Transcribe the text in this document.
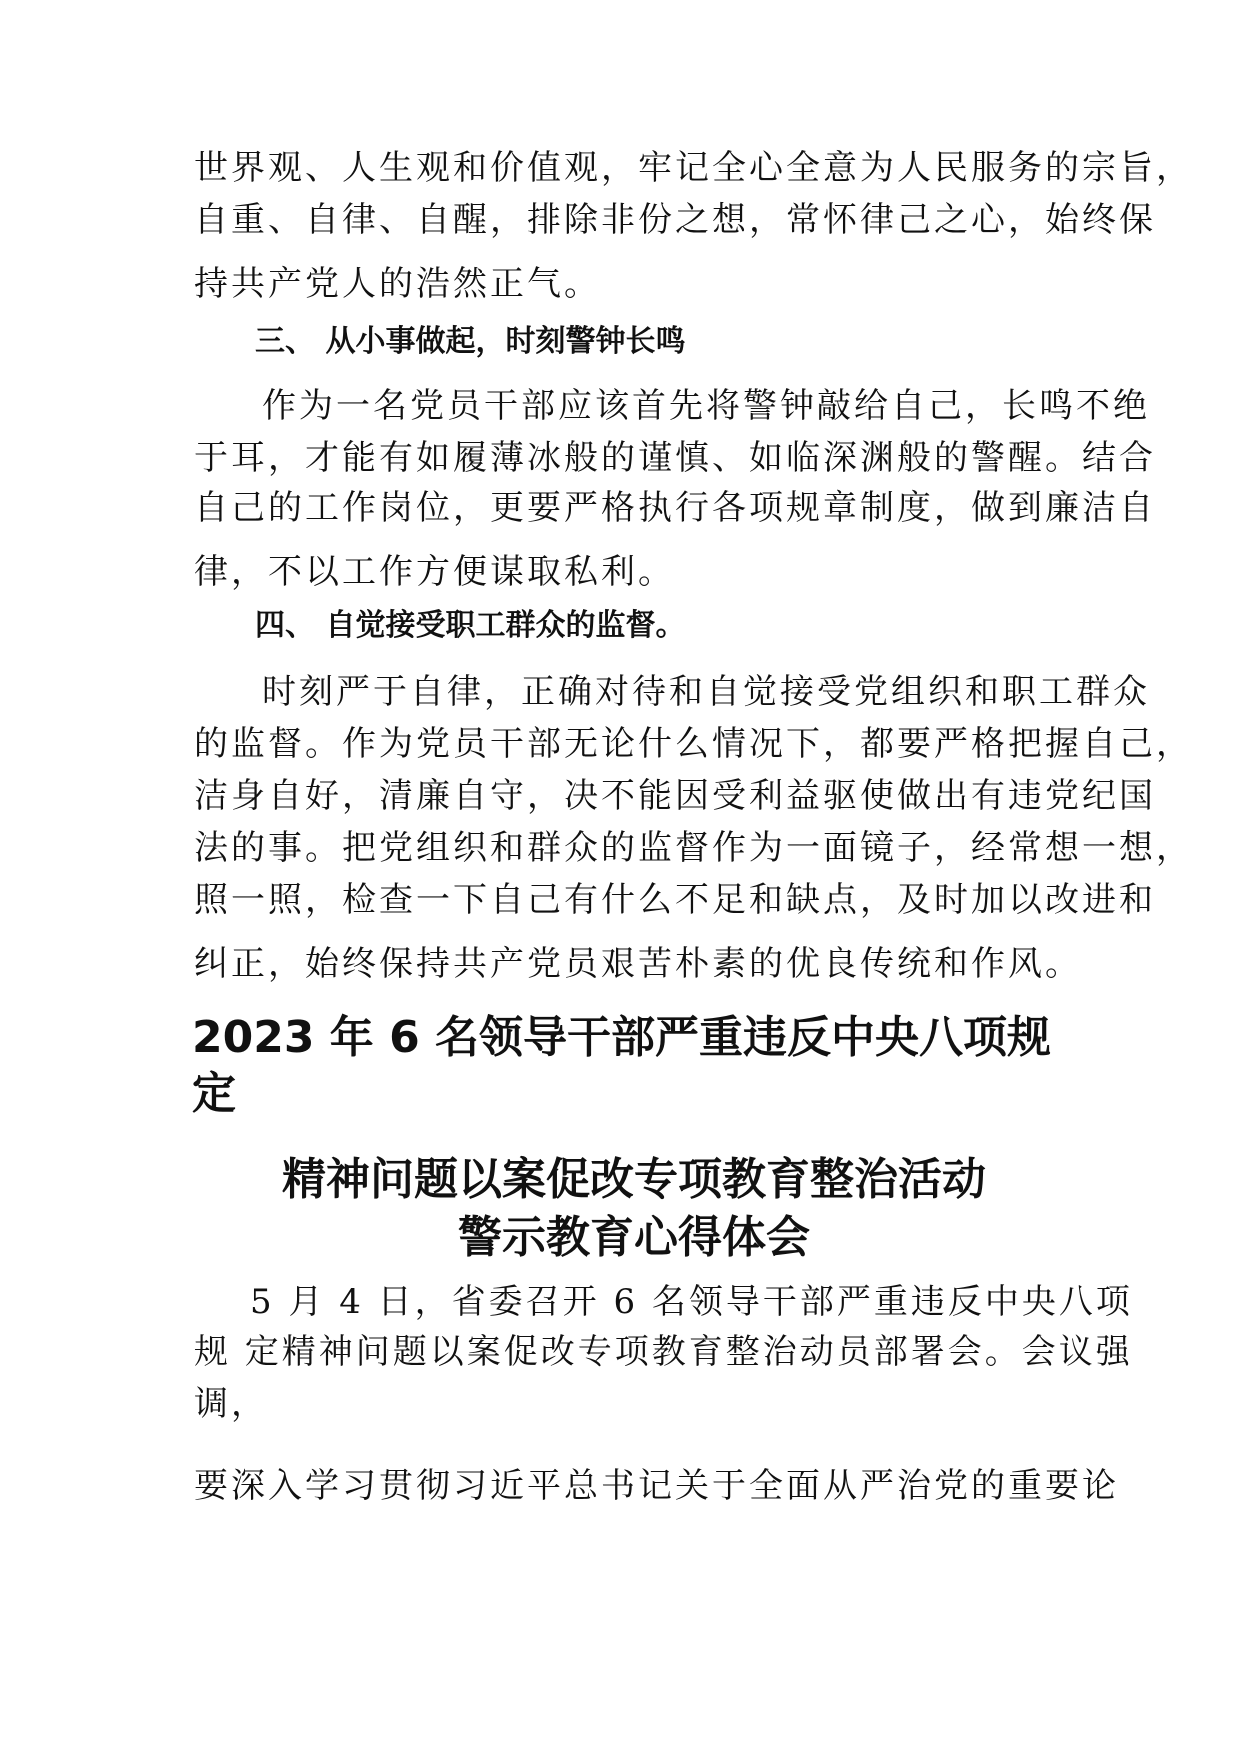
世界观、人生观和价值观，牢记全心全意为人民服务的宗旨，
自重、自律、自醒，排除非份之想，常怀律己之心，始终保
持共产党人的浩然正气。
三、 从小事做起，时刻警钟长鸣
作为一名党员干部应该首先将警钟敲给自己，长鸣不绝
于耳，才能有如履薄冰般的谨慎、如临深渊般的警醒。结合
自己的工作岗位，更要严格执行各项规章制度，做到廉洁自
律，不以工作方便谋取私利。
四、 自觉接受职工群众的监督。
时刻严于自律，正确对待和自觉接受党组织和职工群众
的监督。作为党员干部无论什么情况下，都要严格把握自己，
洁身自好，清廉自守，决不能因受利益驱使做出有违党纪国
法的事。把党组织和群众的监督作为一面镜子，经常想一想，
照一照，检查一下自己有什么不足和缺点，及时加以改进和
纠正，始终保持共产党员艰苦朴素的优良传统和作风。
2023 年 6 名领导干部严重违反中央八项规
定
精神问题以案促改专项教育整治活动
警示教育心得体会
5 月 4 日，省委召开 6 名领导干部严重违反中央八项
规 定精神问题以案促改专项教育整治动员部署会。会议强
调，
要深入学习贯彻习近平总书记关于全面从严治党的重要论
